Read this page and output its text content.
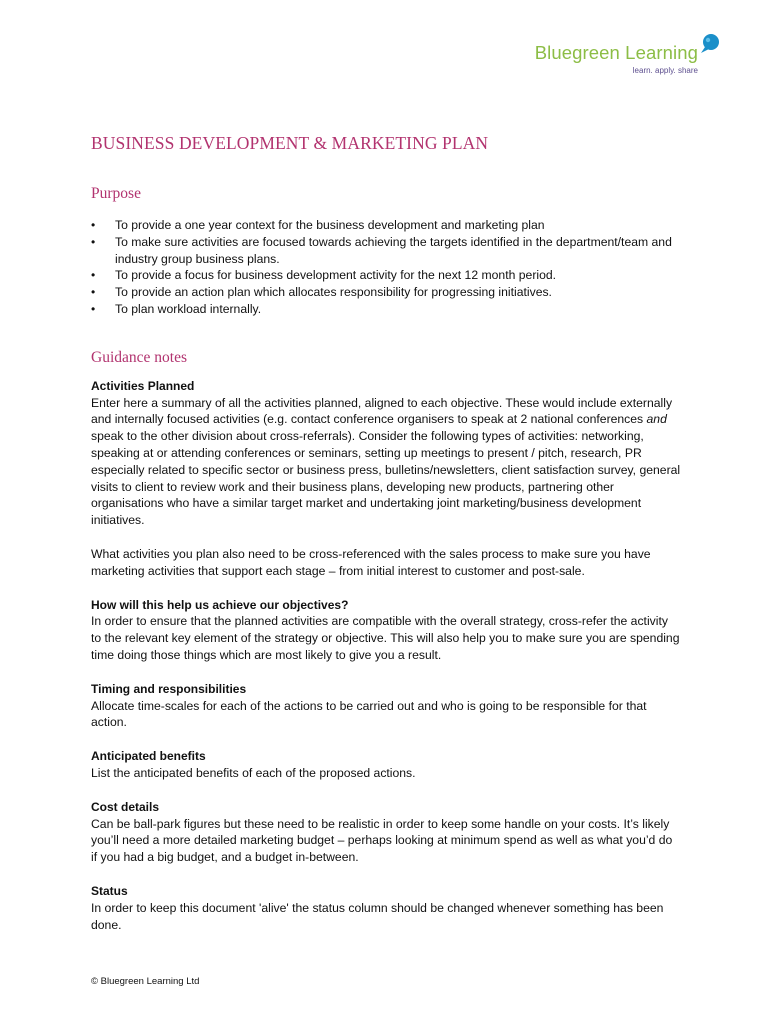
Bluegreen Learning
learn. apply. share
BUSINESS DEVELOPMENT & MARKETING PLAN
Purpose
• To provide a one year context for the business development and marketing plan
• To make sure activities are focused towards achieving the targets identified in the department/team and industry group business plans.
• To provide a focus for business development activity for the next 12 month period.
• To provide an action plan which allocates responsibility for progressing initiatives.
• To plan workload internally.
Guidance notes

Activities Planned

Enter here a summary of all the activities planned, aligned to each objective. These would include externally and internally focused activities (e.g. contact conference organisers to speak at 2 national conferences and speak to the other division about cross-referrals). Consider the following types of activities: networking, speaking at or attending conferences or seminars, setting up meetings to present / pitch, research, PR especially related to specific sector or business press, bulletins/newsletters, client satisfaction survey, general visits to client to review work and their business plans, developing new products, partnering other organisations who have a similar target market and undertaking joint marketing/business development initiatives.

What activities you plan also need to be cross-referenced with the sales process to make sure you have marketing activities that support each stage – from initial interest to customer and post-sale.

How will this help us achieve our objectives?

In order to ensure that the planned activities are compatible with the overall strategy, cross-refer the activity to the relevant key element of the strategy or objective. This will also help you to make sure you are spending time doing those things which are most likely to give you a result.

Timing and responsibilities

Allocate time-scales for each of the actions to be carried out and who is going to be responsible for that action.

Anticipated benefits

List the anticipated benefits of each of the proposed actions.

Cost details

Can be ball-park figures but these need to be realistic in order to keep some handle on your costs. It’s likely you’ll need a more detailed marketing budget – perhaps looking at minimum spend as well as what you’d do if you had a big budget, and a budget in-between.

Status

In order to keep this document 'alive' the status column should be changed whenever something has been done.

© Bluegreen Learning Ltd
